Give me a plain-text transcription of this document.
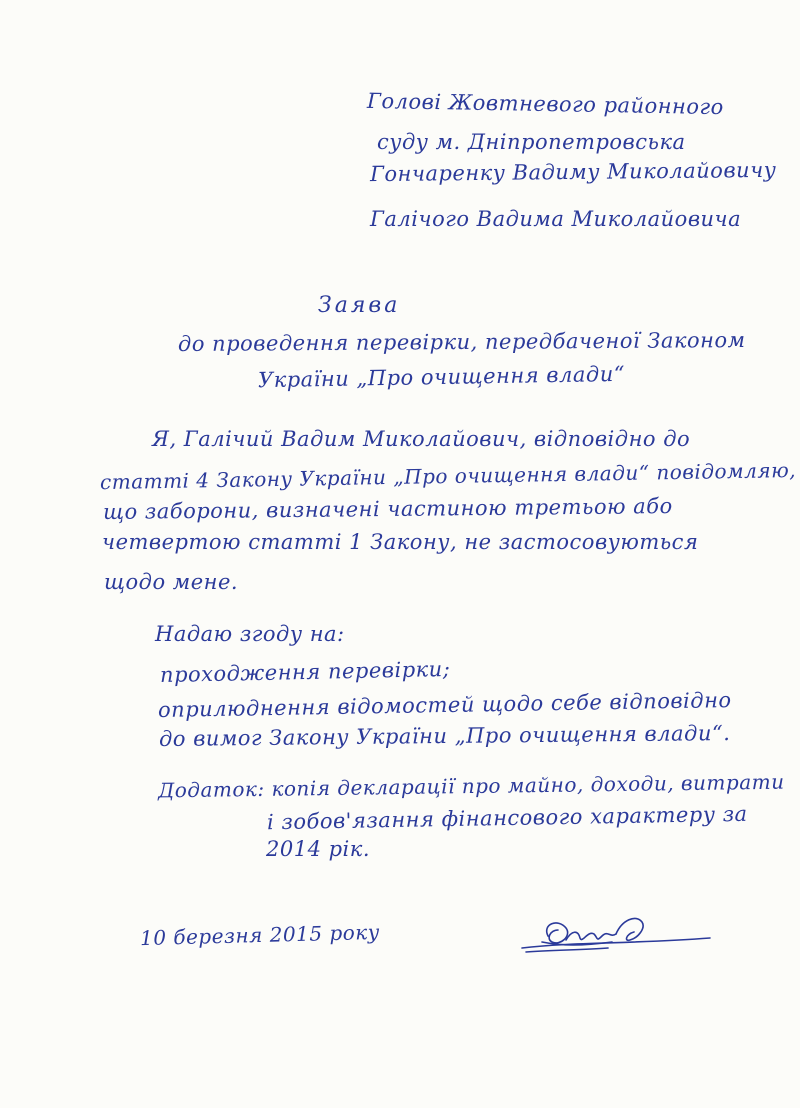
Голові Жовтневого районного
суду м. Дніпропетровська
Гончаренку Вадиму Миколайовичу
Галічого Вадима Миколайовича
Заява
до проведення перевірки, передбаченої Законом
України „Про очищення влади“
Я, Галічий Вадим Миколайович, відповідно до
статті 4 Закону України „Про очищення влади“ повідомляю,
що заборони, визначені частиною третьою або
четвертою статті 1 Закону, не застосовуються
щодо мене.
Надаю згоду на:
проходження перевірки;
оприлюднення відомостей щодо себе відповідно
до вимог Закону України „Про очищення влади“.
Додаток: копія декларації про майно, доходи, витрати
і зобов'язання фінансового характеру за
2014 рік.
10 березня 2015 року
